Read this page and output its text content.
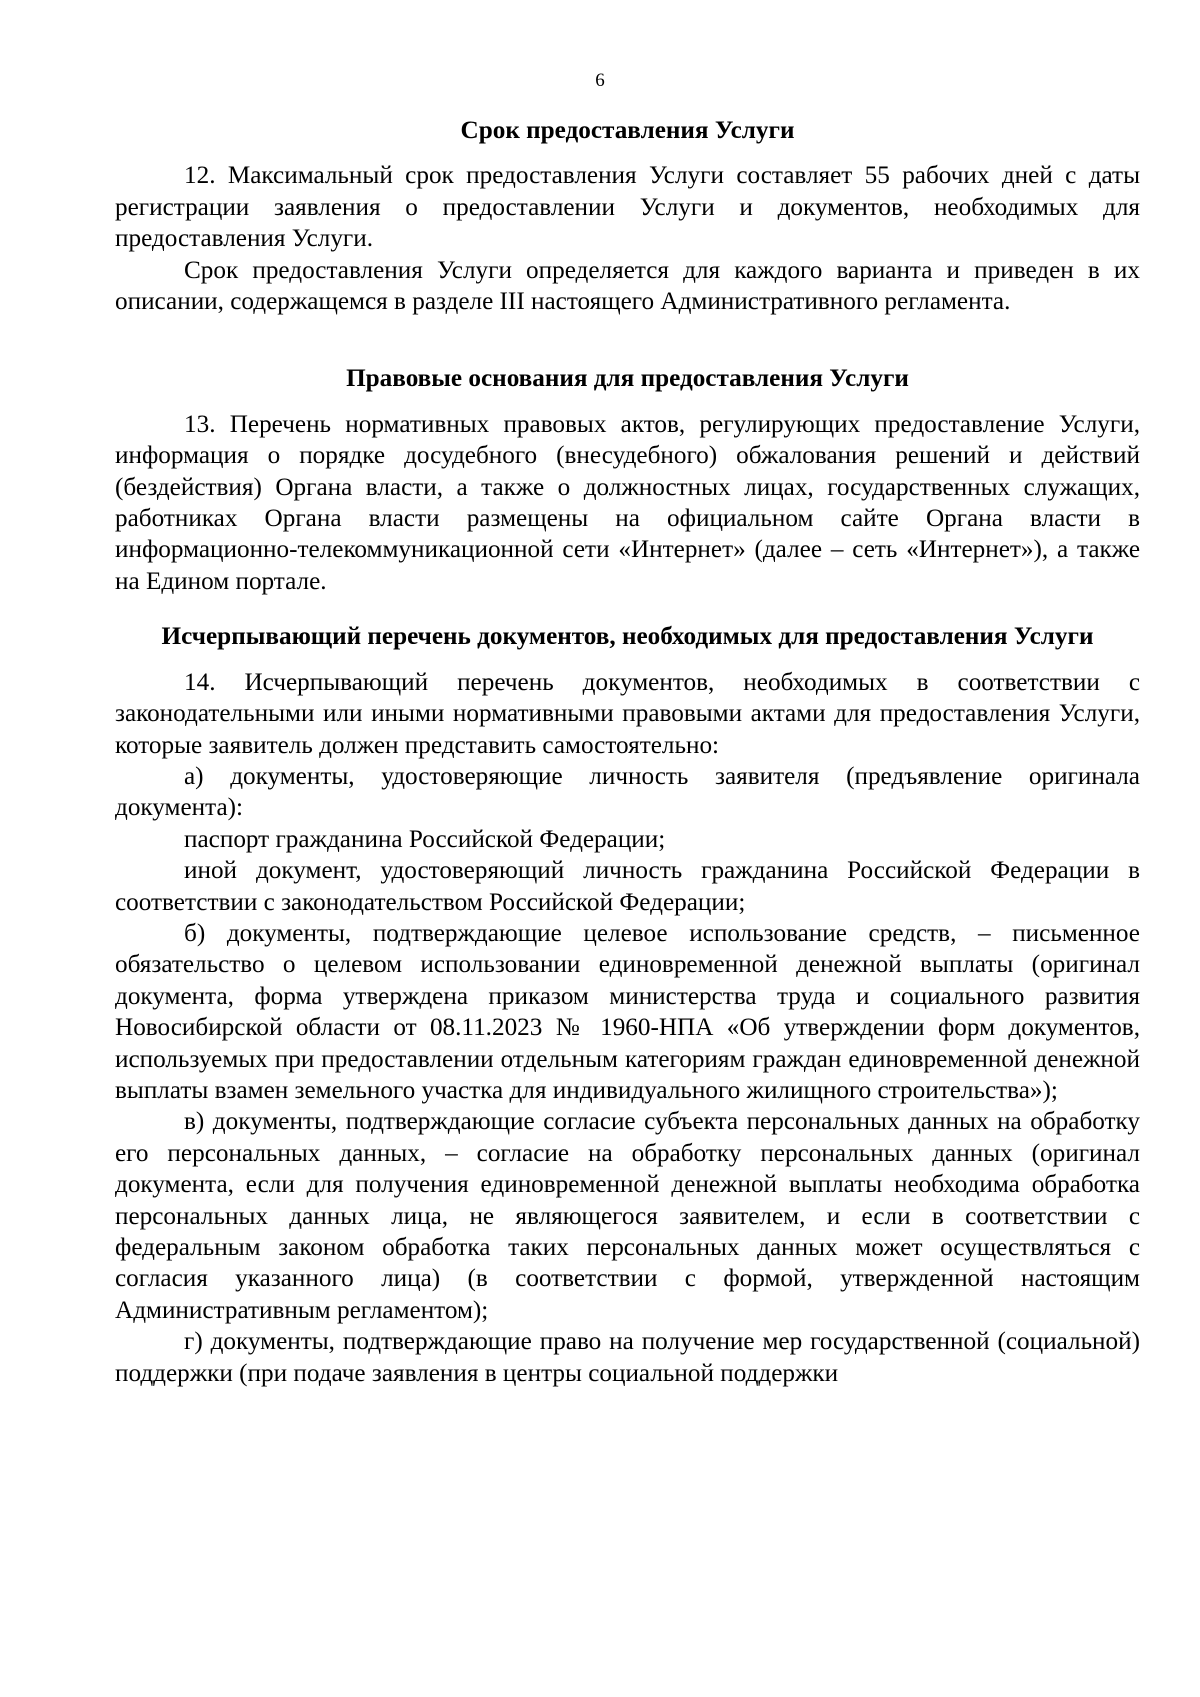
6
Срок предоставления Услуги

12. Максимальный срок предоставления Услуги составляет 55 рабочих дней с даты регистрации заявления о предоставлении Услуги и документов, необходимых для предоставления Услуги.

Срок предоставления Услуги определяется для каждого варианта и приведен в их описании, содержащемся в разделе III настоящего Административного регламента.

Правовые основания для предоставления Услуги

13. Перечень нормативных правовых актов, регулирующих предоставление Услуги, информация о порядке досудебного (внесудебного) обжалования решений и действий (бездействия) Органа власти, а также о должностных лицах, государственных служащих, работниках Органа власти размещены на официальном сайте Органа власти в информационно-телекоммуникационной сети «Интернет» (далее – сеть «Интернет»), а также на Едином портале.

Исчерпывающий перечень документов, необходимых для предоставления Услуги

14. Исчерпывающий перечень документов, необходимых в соответствии с законодательными или иными нормативными правовыми актами для предоставления Услуги, которые заявитель должен представить самостоятельно:

а) документы, удостоверяющие личность заявителя (предъявление оригинала документа):

паспорт гражданина Российской Федерации;

иной документ, удостоверяющий личность гражданина Российской Федерации в соответствии с законодательством Российской Федерации;

б) документы, подтверждающие целевое использование средств, – письменное обязательство о целевом использовании единовременной денежной выплаты (оригинал документа, форма утверждена приказом министерства труда и социального развития Новосибирской области от 08.11.2023 № 1960-НПА «Об утверждении форм документов, используемых при предоставлении отдельным категориям граждан единовременной денежной выплаты взамен земельного участка для индивидуального жилищного строительства»);

в) документы, подтверждающие согласие субъекта персональных данных на обработку его персональных данных, – согласие на обработку персональных данных (оригинал документа, если для получения единовременной денежной выплаты необходима обработка персональных данных лица, не являющегося заявителем, и если в соответствии с федеральным законом обработка таких персональных данных может осуществляться с согласия указанного лица) (в соответствии с формой, утвержденной настоящим Административным регламентом);

г) документы, подтверждающие право на получение мер государственной (социальной) поддержки (при подаче заявления в центры социальной поддержки
